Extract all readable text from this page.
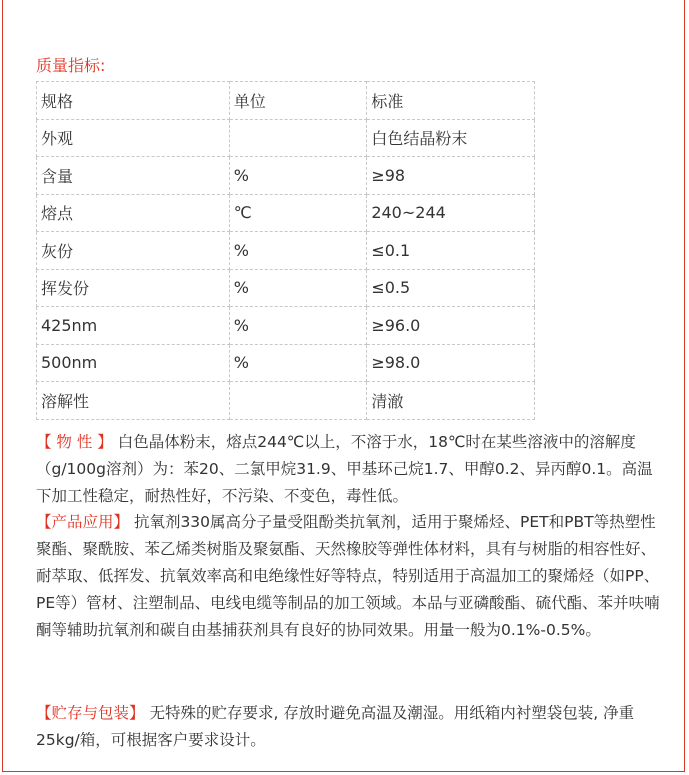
质量指标:
规格	单位	标准
外观		白色结晶粉末
含量	%	≥98
熔点	℃	240~244
灰份	%	≤0.1
挥发份	%	≤0.5
425nm	%	≥96.0
500nm	%	≥98.0
溶解性		清澈

【 物 性 】 白色晶体粉末，熔点244℃以上，不溶于水，18℃时在某些溶液中的溶解度（g/100g溶剂）为：苯20、二氯甲烷31.9、甲基环己烷1.7、甲醇0.2、异丙醇0.1。高温下加工性稳定，耐热性好，不污染、不变色，毒性低。

【产品应用】 抗氧剂330属高分子量受阻酚类抗氧剂，适用于聚烯烃、PET和PBT等热塑性聚酯、聚酰胺、苯乙烯类树脂及聚氨酯、天然橡胶等弹性体材料，具有与树脂的相容性好、耐萃取、低挥发、抗氧效率高和电绝缘性好等特点，特别适用于高温加工的聚烯烃（如PP、PE等）管材、注塑制品、电线电缆等制品的加工领域。本品与亚磷酸酯、硫代酯、苯并呋喃酮等辅助抗氧剂和碳自由基捕获剂具有良好的协同效果。用量一般为0.1%-0.5%。

【贮存与包装】 无特殊的贮存要求, 存放时避免高温及潮湿。用纸箱内衬塑袋包装, 净重25kg/箱，可根据客户要求设计。
